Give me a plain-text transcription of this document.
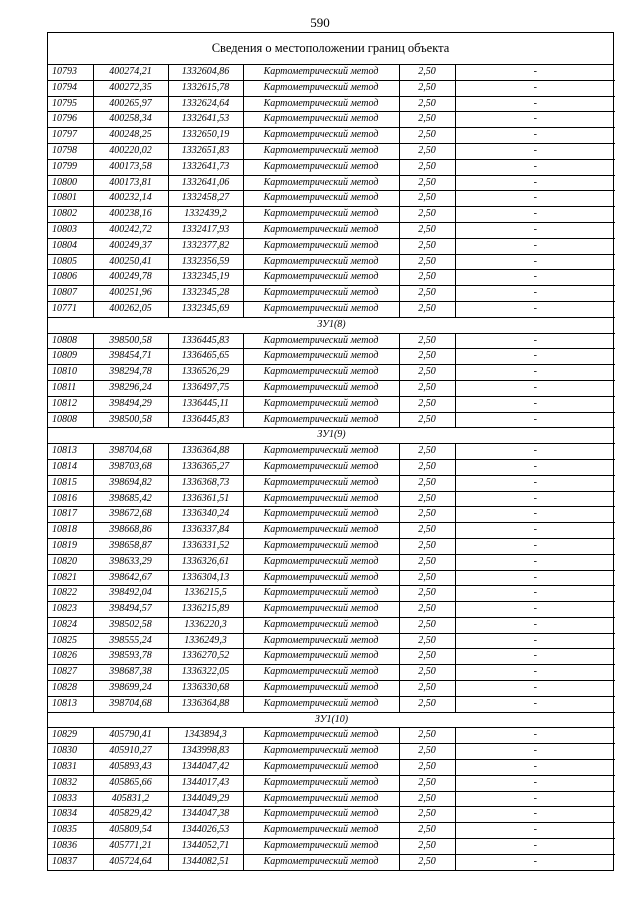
590
Сведения о местоположении границ объекта
10793	400274,21	1332604,86	Картометрический метод	2,50	-
10794	400272,35	1332615,78	Картометрический метод	2,50	-
10795	400265,97	1332624,64	Картометрический метод	2,50	-
10796	400258,34	1332641,53	Картометрический метод	2,50	-
10797	400248,25	1332650,19	Картометрический метод	2,50	-
10798	400220,02	1332651,83	Картометрический метод	2,50	-
10799	400173,58	1332641,73	Картометрический метод	2,50	-
10800	400173,81	1332641,06	Картометрический метод	2,50	-
10801	400232,14	1332458,27	Картометрический метод	2,50	-
10802	400238,16	1332439,2	Картометрический метод	2,50	-
10803	400242,72	1332417,93	Картометрический метод	2,50	-
10804	400249,37	1332377,82	Картометрический метод	2,50	-
10805	400250,41	1332356,59	Картометрический метод	2,50	-
10806	400249,78	1332345,19	Картометрический метод	2,50	-
10807	400251,96	1332345,28	Картометрический метод	2,50	-
10771	400262,05	1332345,69	Картометрический метод	2,50	-
ЗУ1(8)					
10808	398500,58	1336445,83	Картометрический метод	2,50	-
10809	398454,71	1336465,65	Картометрический метод	2,50	-
10810	398294,78	1336526,29	Картометрический метод	2,50	-
10811	398296,24	1336497,75	Картометрический метод	2,50	-
10812	398494,29	1336445,11	Картометрический метод	2,50	-
10808	398500,58	1336445,83	Картометрический метод	2,50	-
ЗУ1(9)					
10813	398704,68	1336364,88	Картометрический метод	2,50	-
10814	398703,68	1336365,27	Картометрический метод	2,50	-
10815	398694,82	1336368,73	Картометрический метод	2,50	-
10816	398685,42	1336361,51	Картометрический метод	2,50	-
10817	398672,68	1336340,24	Картометрический метод	2,50	-
10818	398668,86	1336337,84	Картометрический метод	2,50	-
10819	398658,87	1336331,52	Картометрический метод	2,50	-
10820	398633,29	1336326,61	Картометрический метод	2,50	-
10821	398642,67	1336304,13	Картометрический метод	2,50	-
10822	398492,04	1336215,5	Картометрический метод	2,50	-
10823	398494,57	1336215,89	Картометрический метод	2,50	-
10824	398502,58	1336220,3	Картометрический метод	2,50	-
10825	398555,24	1336249,3	Картометрический метод	2,50	-
10826	398593,78	1336270,52	Картометрический метод	2,50	-
10827	398687,38	1336322,05	Картометрический метод	2,50	-
10828	398699,24	1336330,68	Картометрический метод	2,50	-
10813	398704,68	1336364,88	Картометрический метод	2,50	-
ЗУ1(10)					
10829	405790,41	1343894,3	Картометрический метод	2,50	-
10830	405910,27	1343998,83	Картометрический метод	2,50	-
10831	405893,43	1344047,42	Картометрический метод	2,50	-
10832	405865,66	1344017,43	Картометрический метод	2,50	-
10833	405831,2	1344049,29	Картометрический метод	2,50	-
10834	405829,42	1344047,38	Картометрический метод	2,50	-
10835	405809,54	1344026,53	Картометрический метод	2,50	-
10836	405771,21	1344052,71	Картометрический метод	2,50	-
10837	405724,64	1344082,51	Картометрический метод	2,50	-
